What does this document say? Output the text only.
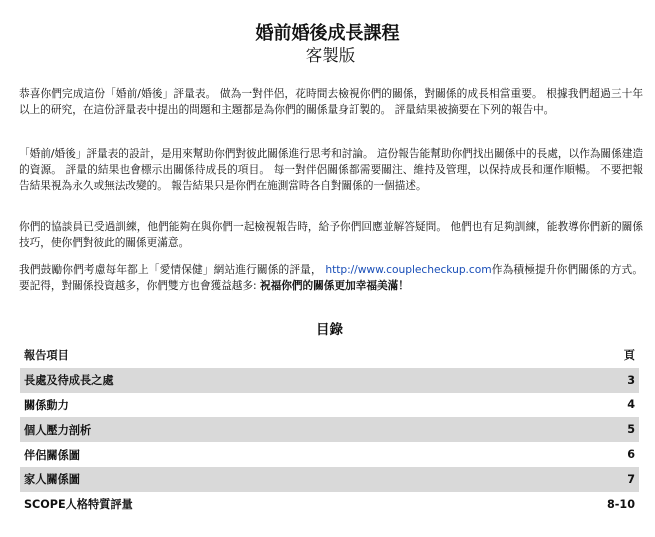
婚前婚後成長課程
客製版

恭喜你們完成這份「婚前/婚後」評量表。 做為一對伴侶，花時間去檢視你們的關係，對關係的成長相當重要。 根據我們超過三十年以上的研究，在這份評量表中提出的問題和主題都是為你們的關係量身訂製的。 評量結果被摘要在下列的報告中。

「婚前/婚後」評量表的設計，是用來幫助你們對彼此關係進行思考和討論。 這份報告能幫助你們找出關係中的長處，以作為關係建造的資源。 評量的結果也會標示出關係待成長的項目。 每一對伴侶關係都需要關注、維持及管理，以保持成長和運作順暢。 不要把報告結果視為永久或無法改變的。 報告結果只是你們在施測當時各自對關係的一個描述。

你們的協談員已受過訓練，他們能夠在與你們一起檢視報告時，給予你們回應並解答疑問。 他們也有足夠訓練，能教導你們新的關係技巧，使你們對彼此的關係更滿意。

我們鼓勵你們考慮每年都上「愛情保健」網站進行關係的評量， http://www.couplecheckup.com作為積極提升你們關係的方式。 要記得，對關係投資越多，你們雙方也會獲益越多: 祝福你們的關係更加幸福美滿！

目錄
報告項目	頁
長處及待成長之處	3
關係動力	4
個人壓力剖析	5
伴侶關係圖	6
家人關係圖	7
SCOPE人格特質評量	8-10
